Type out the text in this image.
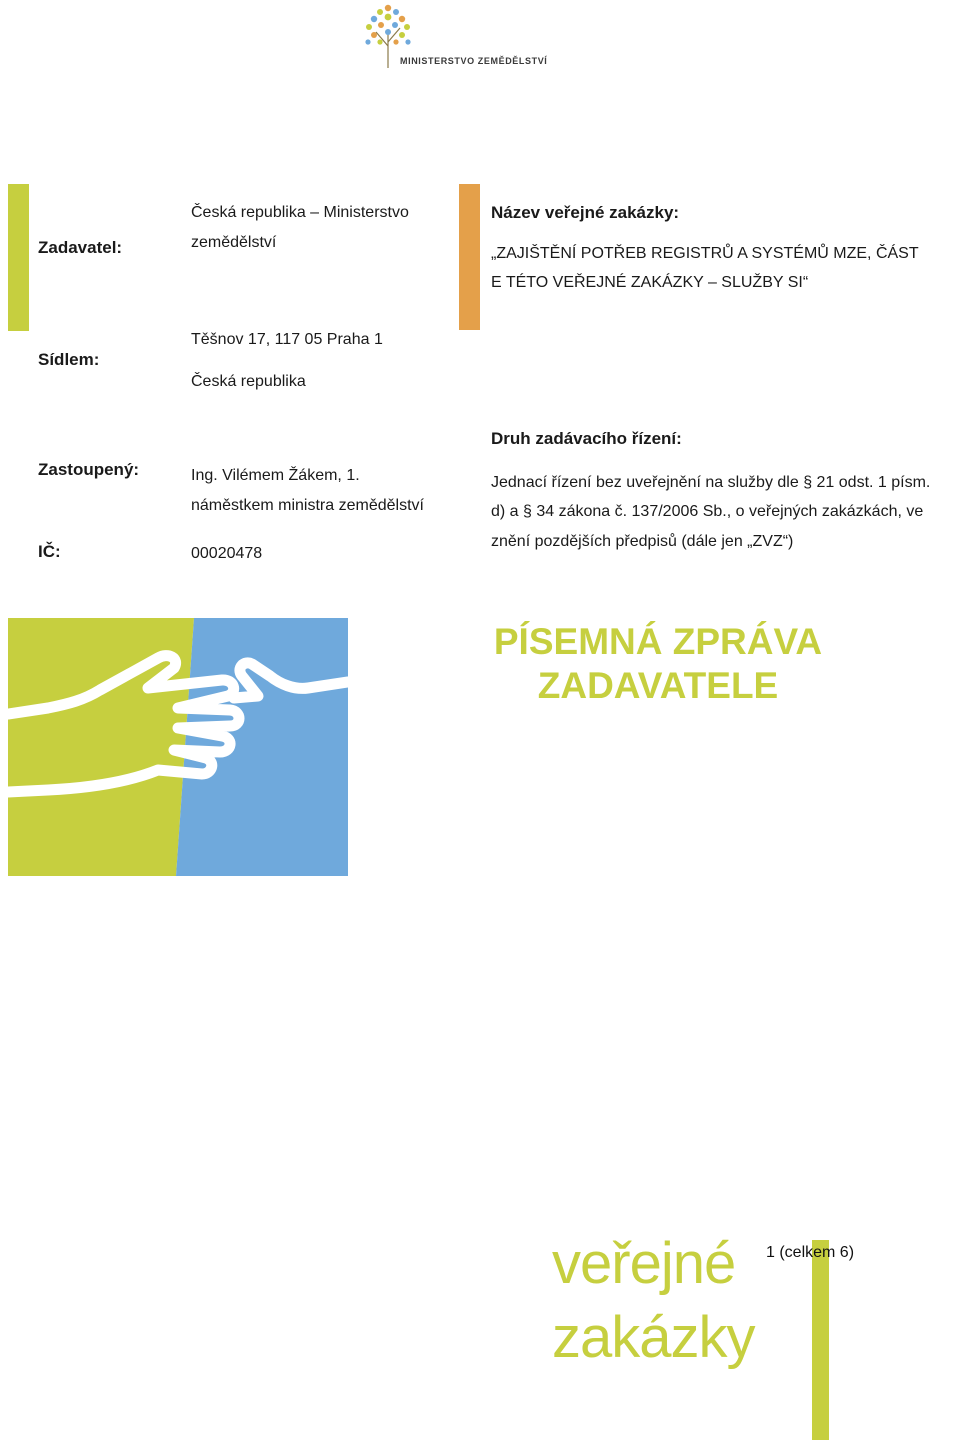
MINISTERSTVO ZEMĚDĚLSTVÍ
Zadavatel:
Česká republika – Ministerstvo
zemědělství
Sídlem:
Těšnov 17, 117 05 Praha 1
Česká republika
Zastoupený:	Ing. Vilémem Žákem, 1.
náměstkem ministra zemědělství
IČ:	00020478
Název veřejné zakázky:
„ZAJIŠTĚNÍ POTŘEB REGISTRŮ A SYSTÉMŮ MZE, ČÁST
E TÉTO VEŘEJNÉ ZAKÁZKY – SLUŽBY SI“
Druh zadávacího řízení:
Jednací řízení bez uveřejnění na služby dle § 21 odst. 1 písm.
d) a § 34 zákona č. 137/2006 Sb., o veřejných zakázkách, ve
znění pozdějších předpisů (dále jen „ZVZ“)
PÍSEMNÁ ZPRÁVA
ZADAVATELE
veřejné
zakázky
1 (celkem 6)
